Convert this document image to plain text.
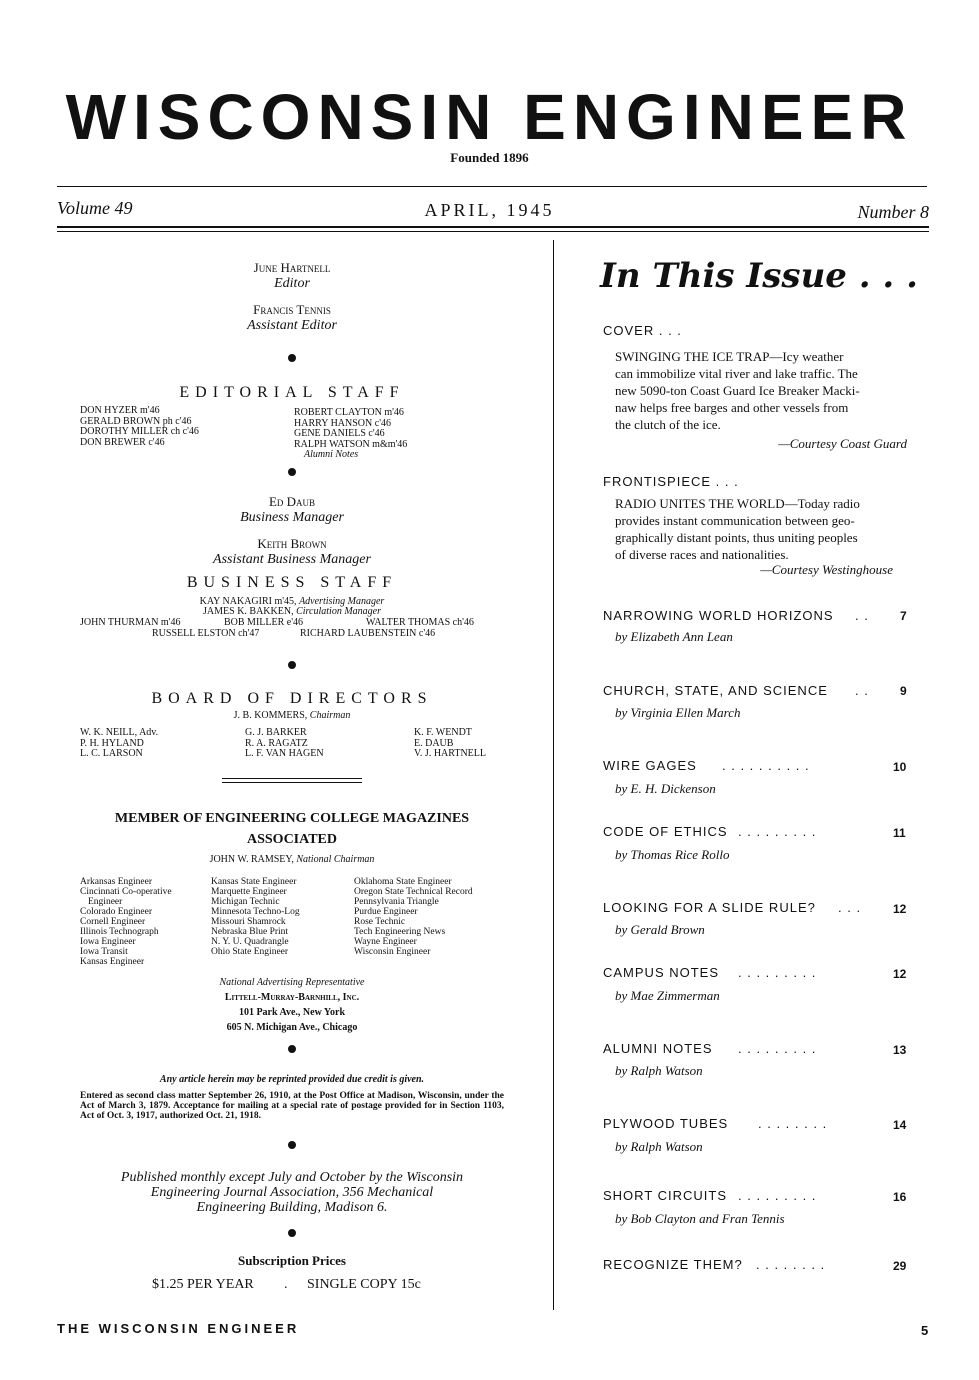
WISCONSIN ENGINEER
Founded 1896
Volume 49	APRIL, 1945	Number 8
June Hartnell
Editor
Francis Tennis
Assistant Editor
EDITORIAL STAFF
DON HYZER m'46
GERALD BROWN ph c'46
DOROTHY MILLER ch c'46
DON BREWER c'46
ROBERT CLAYTON m'46
HARRY HANSON c'46
GENE DANIELS c'46
RALPH WATSON m&m'46
Alumni Notes
Ed Daub
Business Manager
Keith Brown
Assistant Business Manager
BUSINESS STAFF
KAY NAKAGIRI m'45, Advertising Manager
JAMES K. BAKKEN, Circulation Manager
JOHN THURMAN m'46	BOB MILLER e'46	WALTER THOMAS ch'46
RUSSELL ELSTON ch'47	RICHARD LAUBENSTEIN c'46
BOARD OF DIRECTORS
J. B. KOMMERS, Chairman
W. K. NEILL, Adv.
P. H. HYLAND
L. C. LARSON
G. J. BARKER
R. A. RAGATZ
L. F. VAN HAGEN
K. F. WENDT
E. DAUB
V. J. HARTNELL
MEMBER OF ENGINEERING COLLEGE MAGAZINES
ASSOCIATED
JOHN W. RAMSEY, National Chairman
Arkansas Engineer
Cincinnati Co-operative
Engineer
Colorado Engineer
Cornell Engineer
Illinois Technograph
Iowa Engineer
Iowa Transit
Kansas Engineer
Kansas State Engineer
Marquette Engineer
Michigan Technic
Minnesota Techno-Log
Missouri Shamrock
Nebraska Blue Print
N. Y. U. Quadrangle
Ohio State Engineer
Oklahoma State Engineer
Oregon State Technical Record
Pennsylvania Triangle
Purdue Engineer
Rose Technic
Tech Engineering News
Wayne Engineer
Wisconsin Engineer
National Advertising Representative
Littell-Murray-Barnhill, Inc.
101 Park Ave., New York
605 N. Michigan Ave., Chicago
Any article herein may be reprinted provided due credit is given.
Entered as second class matter September 26, 1910, at the Post Office at Madison, Wisconsin, under the Act of March 3, 1879. Acceptance for mailing at a special rate of postage provided for in Section 1103, Act of Oct. 3, 1917, authorized Oct. 21, 1918.
Published monthly except July and October by the Wisconsin
Engineering Journal Association, 356 Mechanical
Engineering Building, Madison 6.
Subscription Prices
$1.25 PER YEAR . SINGLE COPY 15c
In This Issue . . .
COVER . . .
SWINGING THE ICE TRAP—Icy weather
can immobilize vital river and lake traffic. The
new 5090-ton Coast Guard Ice Breaker Macki-
naw helps free barges and other vessels from
the clutch of the ice.
—Courtesy Coast Guard
FRONTISPIECE . . .
RADIO UNITES THE WORLD—Today radio
provides instant communication between geo-
graphically distant points, thus uniting peoples
of diverse races and nationalities.
—Courtesy Westinghouse
NARROWING WORLD HORIZONS . .	7
by Elizabeth Ann Lean
CHURCH, STATE, AND SCIENCE . .	9
by Virginia Ellen March
WIRE GAGES . . . . . . . . . .	10
by E. H. Dickenson
CODE OF ETHICS . . . . . . . . .	11
by Thomas Rice Rollo
LOOKING FOR A SLIDE RULE? . . .	12
by Gerald Brown
CAMPUS NOTES . . . . . . . . .	12
by Mae Zimmerman
ALUMNI NOTES . . . . . . . . .	13
by Ralph Watson
PLYWOOD TUBES . . . . . . . .	14
by Ralph Watson
SHORT CIRCUITS . . . . . . . . .	16
by Bob Clayton and Fran Tennis
RECOGNIZE THEM? . . . . . . . .	29
THE WISCONSIN ENGINEER	5
